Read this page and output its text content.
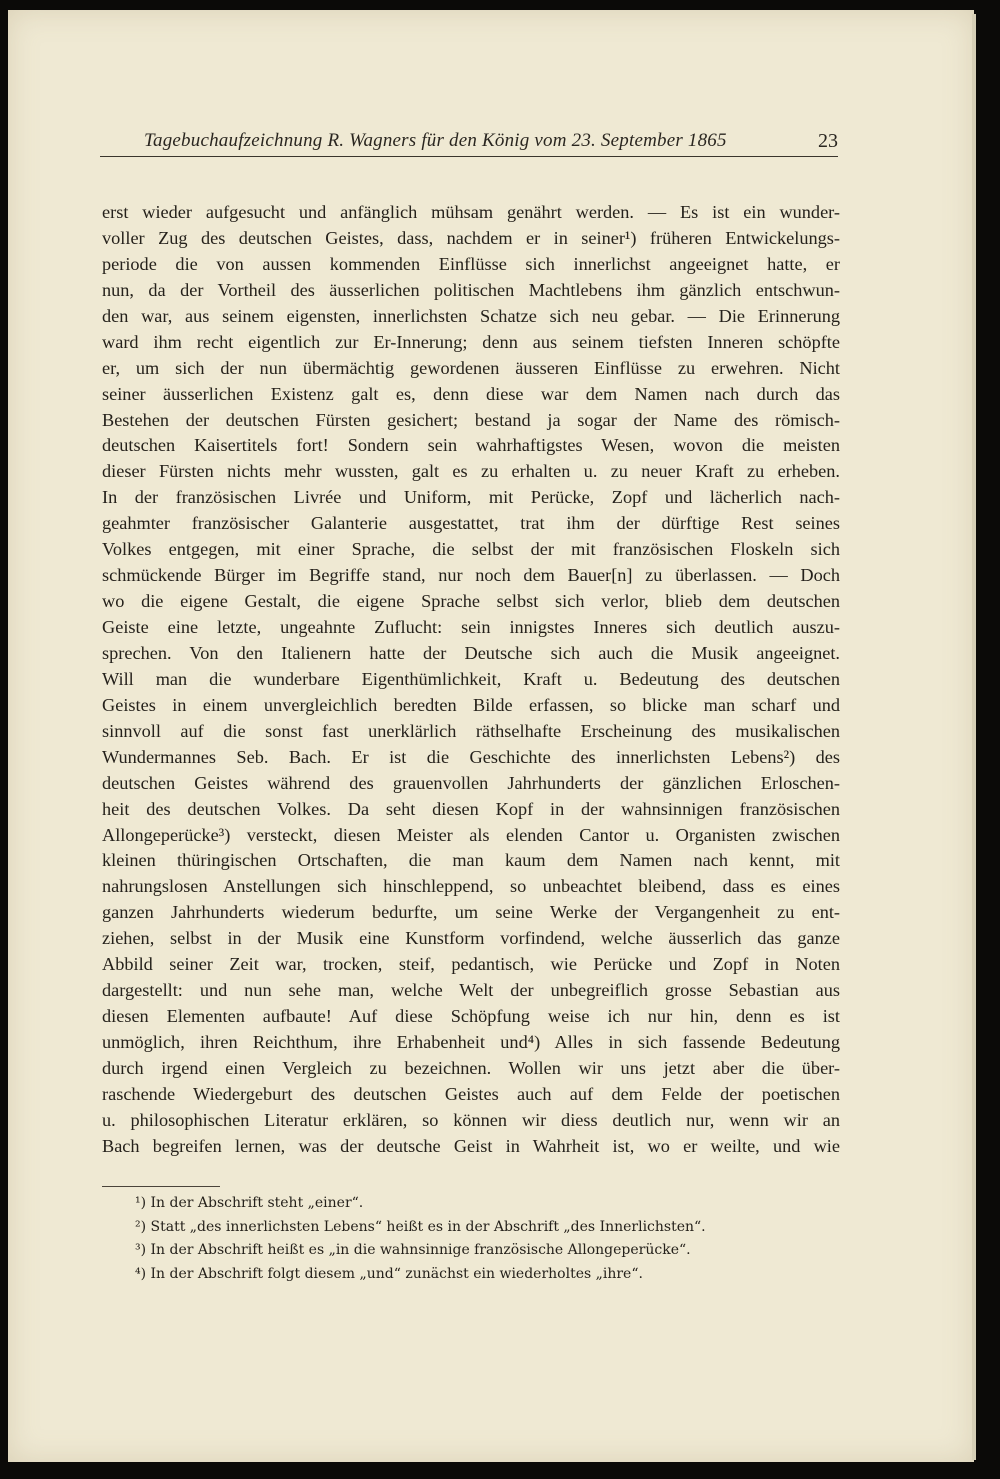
Tagebuchaufzeichnung R. Wagners für den König vom 23. September 1865	23
erst wieder aufgesucht und anfänglich mühsam genährt werden. — Es ist ein wunder-
voller Zug des deutschen Geistes, dass, nachdem er in seiner¹) früheren Entwickelungs-
periode die von aussen kommenden Einflüsse sich innerlichst angeeignet hatte, er
nun, da der Vortheil des äusserlichen politischen Machtlebens ihm gänzlich entschwun-
den war, aus seinem eigensten, innerlichsten Schatze sich neu gebar. — Die Erinnerung
ward ihm recht eigentlich zur Er-Innerung; denn aus seinem tiefsten Inneren schöpfte
er, um sich der nun übermächtig gewordenen äusseren Einflüsse zu erwehren. Nicht
seiner äusserlichen Existenz galt es, denn diese war dem Namen nach durch das
Bestehen der deutschen Fürsten gesichert; bestand ja sogar der Name des römisch-
deutschen Kaisertitels fort! Sondern sein wahrhaftigstes Wesen, wovon die meisten
dieser Fürsten nichts mehr wussten, galt es zu erhalten u. zu neuer Kraft zu erheben.
In der französischen Livrée und Uniform, mit Perücke, Zopf und lächerlich nach-
geahmter französischer Galanterie ausgestattet, trat ihm der dürftige Rest seines
Volkes entgegen, mit einer Sprache, die selbst der mit französischen Floskeln sich
schmückende Bürger im Begriffe stand, nur noch dem Bauer[n] zu überlassen. — Doch
wo die eigene Gestalt, die eigene Sprache selbst sich verlor, blieb dem deutschen
Geiste eine letzte, ungeahnte Zuflucht: sein innigstes Inneres sich deutlich auszu-
sprechen. Von den Italienern hatte der Deutsche sich auch die Musik angeeignet.
Will man die wunderbare Eigenthümlichkeit, Kraft u. Bedeutung des deutschen
Geistes in einem unvergleichlich beredten Bilde erfassen, so blicke man scharf und
sinnvoll auf die sonst fast unerklärlich räthselhafte Erscheinung des musikalischen
Wundermannes Seb. Bach. Er ist die Geschichte des innerlichsten Lebens²) des
deutschen Geistes während des grauenvollen Jahrhunderts der gänzlichen Erloschen-
heit des deutschen Volkes. Da seht diesen Kopf in der wahnsinnigen französischen
Allongeperücke³) versteckt, diesen Meister als elenden Cantor u. Organisten zwischen
kleinen thüringischen Ortschaften, die man kaum dem Namen nach kennt, mit
nahrungslosen Anstellungen sich hinschleppend, so unbeachtet bleibend, dass es eines
ganzen Jahrhunderts wiederum bedurfte, um seine Werke der Vergangenheit zu ent-
ziehen, selbst in der Musik eine Kunstform vorfindend, welche äusserlich das ganze
Abbild seiner Zeit war, trocken, steif, pedantisch, wie Perücke und Zopf in Noten
dargestellt: und nun sehe man, welche Welt der unbegreiflich grosse Sebastian aus
diesen Elementen aufbaute! Auf diese Schöpfung weise ich nur hin, denn es ist
unmöglich, ihren Reichthum, ihre Erhabenheit und⁴) Alles in sich fassende Bedeutung
durch irgend einen Vergleich zu bezeichnen. Wollen wir uns jetzt aber die über-
raschende Wiedergeburt des deutschen Geistes auch auf dem Felde der poetischen
u. philosophischen Literatur erklären, so können wir diess deutlich nur, wenn wir an
Bach begreifen lernen, was der deutsche Geist in Wahrheit ist, wo er weilte, und wie
¹) In der Abschrift steht „einer“.
²) Statt „des innerlichsten Lebens“ heißt es in der Abschrift „des Innerlichsten“.
³) In der Abschrift heißt es „in die wahnsinnige französische Allongeperücke“.
⁴) In der Abschrift folgt diesem „und“ zunächst ein wiederholtes „ihre“.
